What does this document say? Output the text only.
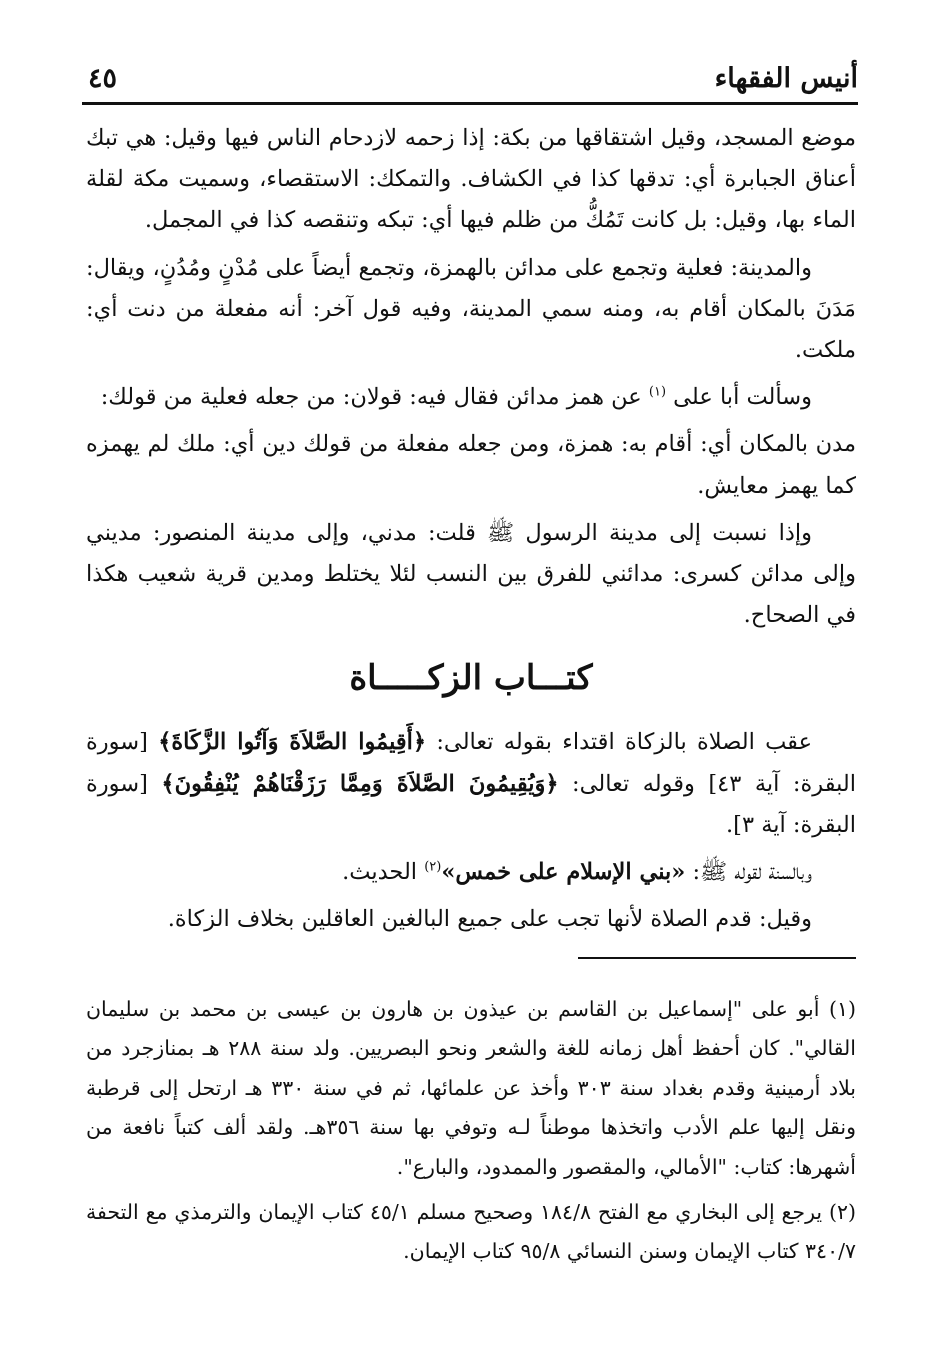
أنيس الفقهاء
٤٥

موضع المسجد، وقيل اشتقاقها من بكة: إذا زحمه لازدحام الناس فيها وقيل: هي تبك أعناق الجبابرة أي: تدقها كذا في الكشاف. والتمكك: الاستقصاء، وسميت مكة لقلة الماء بها، وقيل: بل كانت تَمُكُّ من ظلم فيها أي: تبكه وتنقصه كذا في المجمل.

والمدينة: فعلية وتجمع على مدائن بالهمزة، وتجمع أيضاً على مُدْنٍ ومُدُنٍ، ويقال: مَدَنَ بالمكان أقام به، ومنه سمي المدينة، وفيه قول آخر: أنه مفعلة من دنت أي: ملكت.

وسألت أبا على $^{(١)}$ عن همز مدائن فقال فيه: قولان: من جعله فعلية من قولك:

مدن بالمكان أي: أقام به: همزة، ومن جعله مفعلة من قولك دين أي: ملك لم يهمزه كما يهمز معايش.

وإذا نسبت إلى مدينة الرسول ﷺ قلت: مدني، وإلى مدينة المنصور: مديني وإلى مدائن كسرى: مدائني للفرق بين النسب لئلا يختلط ومدين قرية شعيب هكذا في الصحاح.

كتـــاب الزكـــــاة

عقب الصلاة بالزكاة اقتداء بقوله تعالى: ﴿أَقِيمُوا الصَّلاَةَ وَآتُوا الزَّكَاةَ﴾ [سورة البقرة: آية ٤٣] وقوله تعالى: ﴿وَيُقِيمُونَ الصَّلاَةَ وَمِمَّا رَزَقْنَاهُمْ يُنْفِقُونَ﴾ [سورة البقرة: آية ٣].

وبالسنة لقوله ﷺ: «بني الإسلام على خمس»$^{(٢)}$ الحديث.

وقيل: قدم الصلاة لأنها تجب على جميع البالغين العاقلين بخلاف الزكاة.

(١) أبو على "إسماعيل بن القاسم بن عيذون بن هارون بن عيسى بن محمد بن سليمان القالي". كان أحفظ أهل زمانه للغة والشعر ونحو البصريين. ولد سنة ٢٨٨ هـ بمنازجرد من بلاد أرمينية وقدم بغداد سنة ٣٠٣ وأخذ عن علمائها، ثم في سنة ٣٣٠ هـ ارتحل إلى قرطبة ونقل إليها علم الأدب واتخذها موطناً لـه وتوفي بها سنة ٣٥٦هـ. ولقد ألف كتباً نافعة من أشهرها: كتاب: "الأمالي، والمقصور والممدود، والبارع".

(٢) يرجع إلى البخاري مع الفتح ١٨٤/٨ وصحيح مسلم ٤٥/١ كتاب الإيمان والترمذي مع التحفة ٣٤٠/٧ كتاب الإيمان وسنن النسائي ٩٥/٨ كتاب الإيمان.
